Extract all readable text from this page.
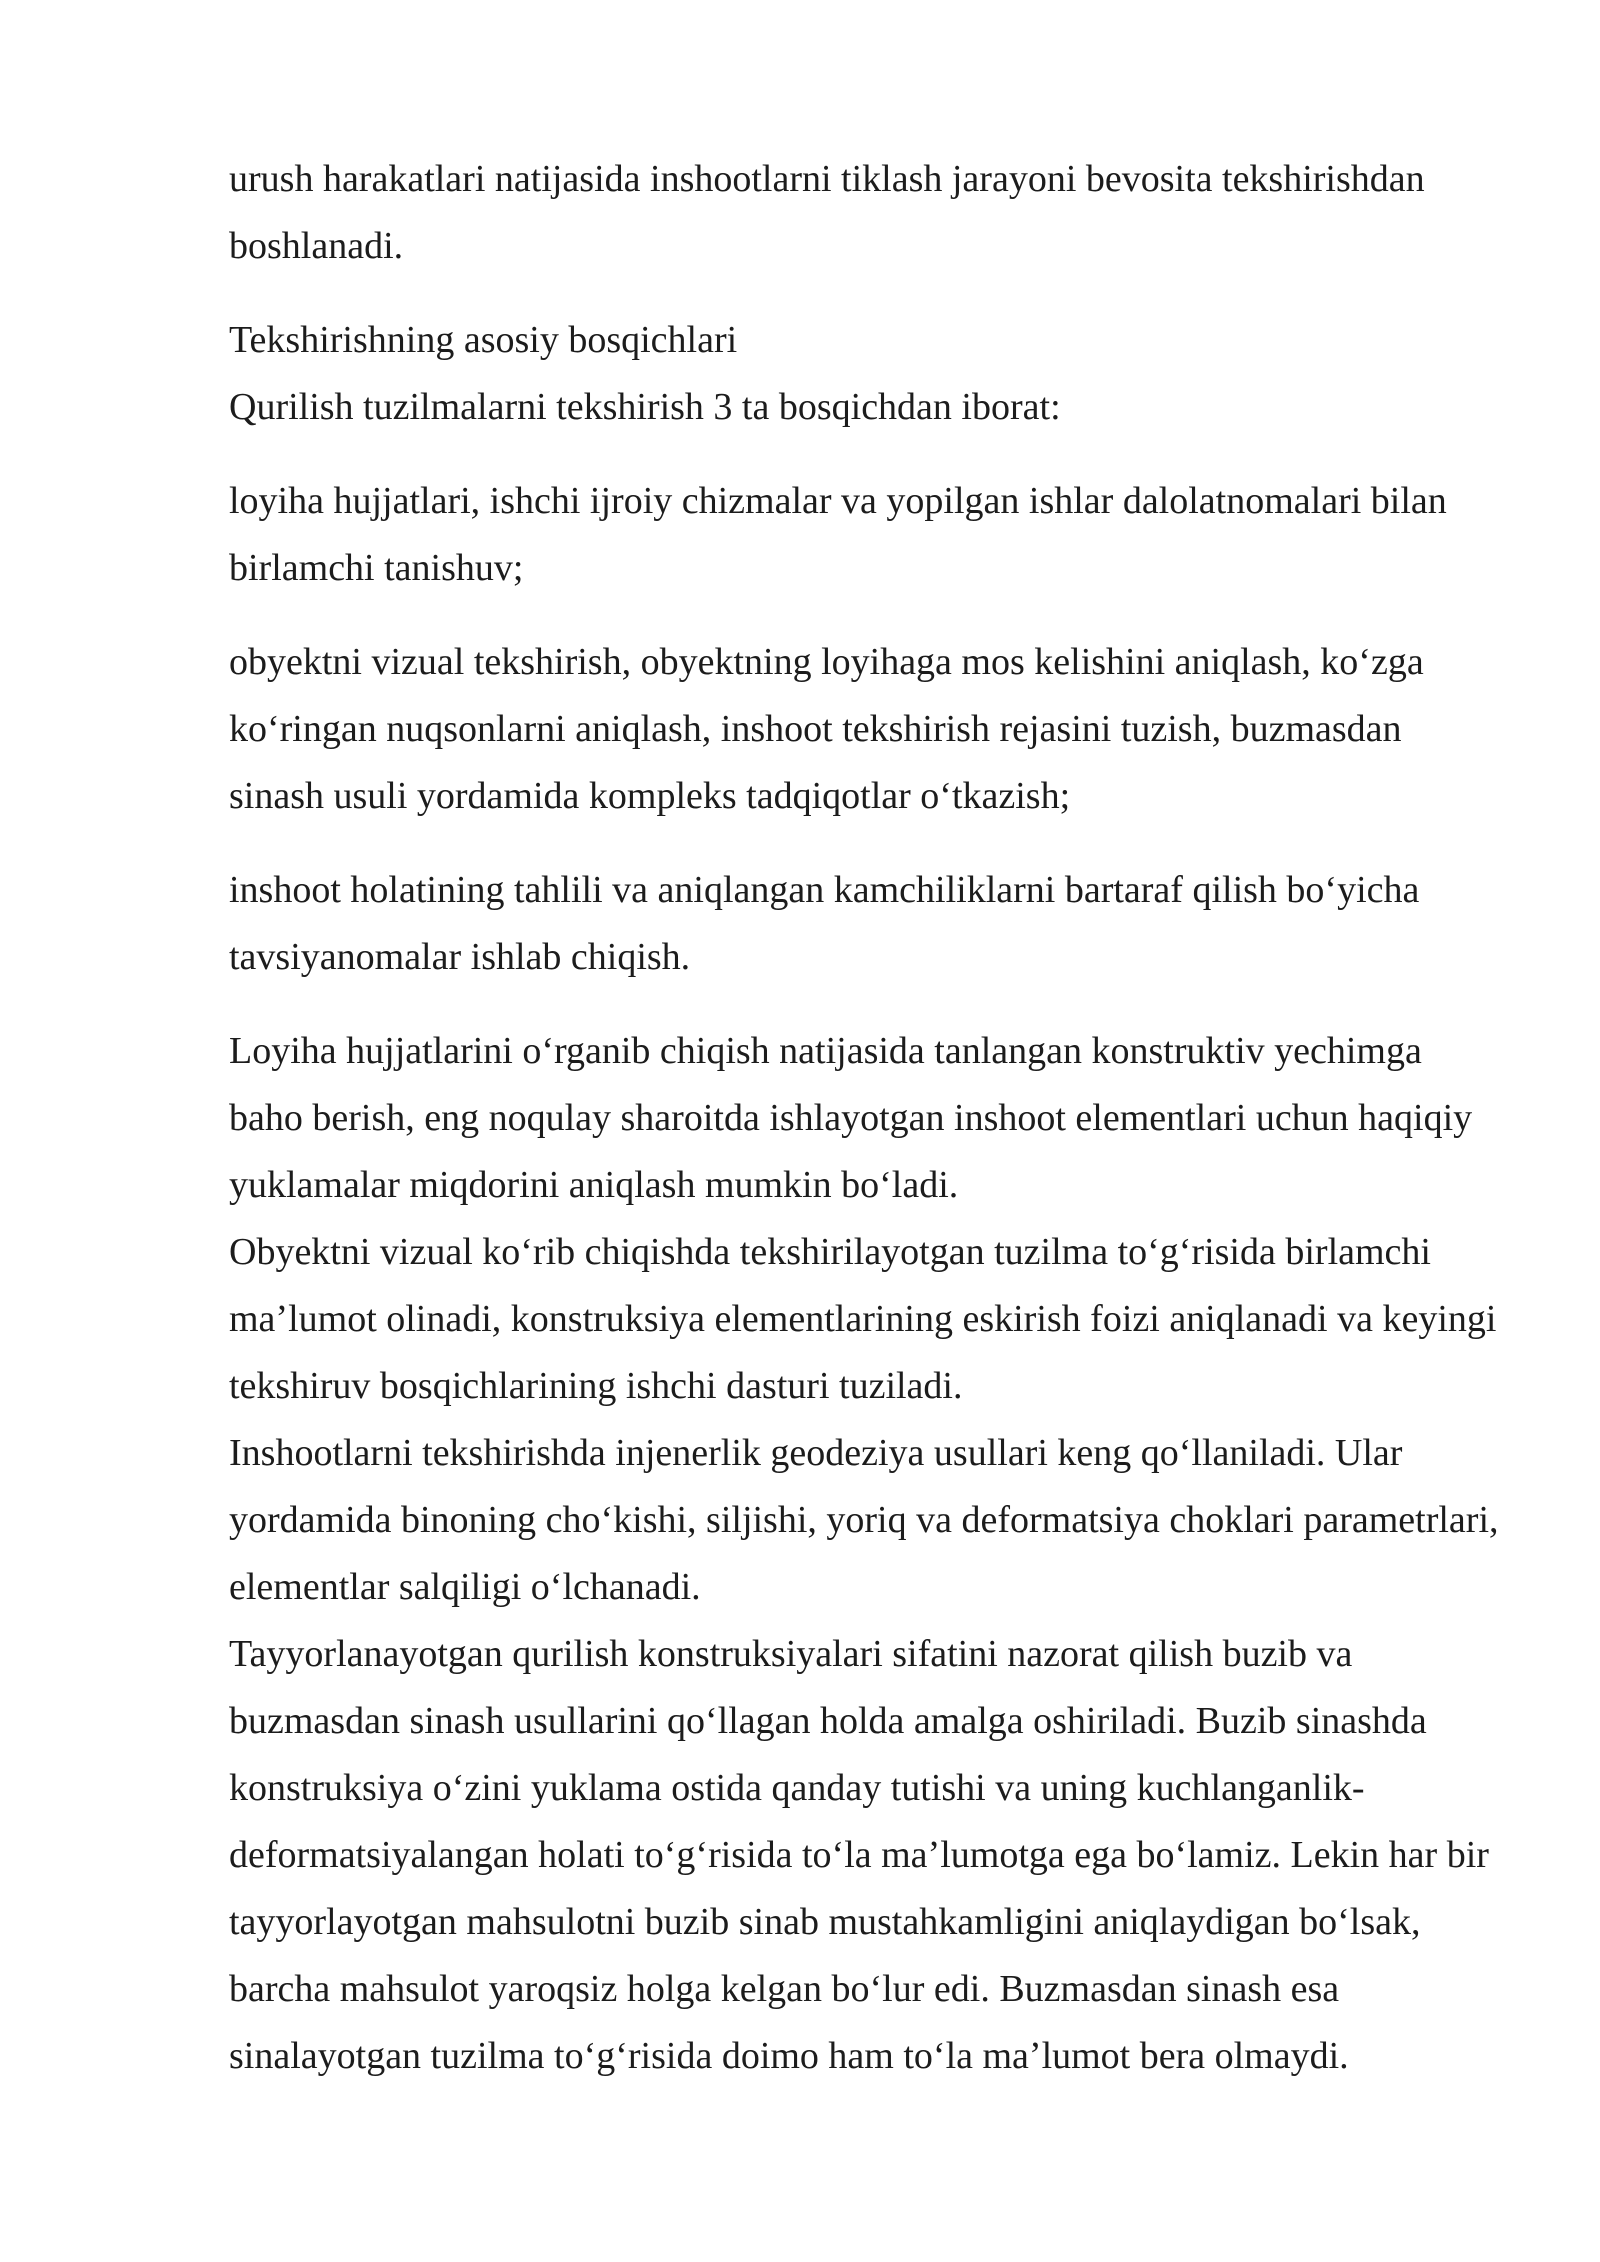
urush harakatlari natijasida inshootlarni tiklash jarayoni bevosita tekshirishdan boshlanadi.

Tekshirishning asosiy bosqichlari

Qurilish tuzilmalarni tekshirish 3 ta bosqichdan iborat:

loyiha hujjatlari, ishchi ijroiy chizmalar va yopilgan ishlar dalolatnomalari bilan birlamchi tanishuv;

obyektni vizual tekshirish, obyektning loyihaga mos kelishini aniqlash, koʻzga koʻringan nuqsonlarni aniqlash, inshoot tekshirish rejasini tuzish, buzmasdan sinash usuli yordamida kompleks tadqiqotlar oʻtkazish;

inshoot holatining tahlili va aniqlangan kamchiliklarni bartaraf qilish boʻyicha tavsiyanomalar ishlab chiqish.

Loyiha hujjatlarini oʻrganib chiqish natijasida tanlangan konstruktiv yechimga baho berish, eng noqulay sharoitda ishlayotgan inshoot elementlari uchun haqiqiy yuklamalar miqdorini aniqlash mumkin boʻladi.

Obyektni vizual koʻrib chiqishda tekshirilayotgan tuzilma toʻgʻrisida birlamchi maʼlumot olinadi, konstruksiya elementlarining eskirish foizi aniqlanadi va keyingi tekshiruv bosqichlarining ishchi dasturi tuziladi.

Inshootlarni tekshirishda injenerlik geodeziya usullari keng qoʻllaniladi. Ular yordamida binoning choʻkishi, siljishi, yoriq va deformatsiya choklari parametrlari, elementlar salqiligi oʻlchanadi.

Tayyorlanayotgan qurilish konstruksiyalari sifatini nazorat qilish buzib va buzmasdan sinash usullarini qoʻllagan holda amalga oshiriladi. Buzib sinashda konstruksiya oʻzini yuklama ostida qanday tutishi va uning kuchlanganlik-deformatsiyalangan holati toʻgʻrisida toʻla maʼlumotga ega boʻlamiz. Lekin har bir tayyorlayotgan mahsulotni buzib sinab mustahkamligini aniqlaydigan boʻlsak, barcha mahsulot yaroqsiz holga kelgan boʻlur edi. Buzmasdan sinash esa sinalayotgan tuzilma toʻgʻrisida doimo ham toʻla maʼlumot bera olmaydi.
